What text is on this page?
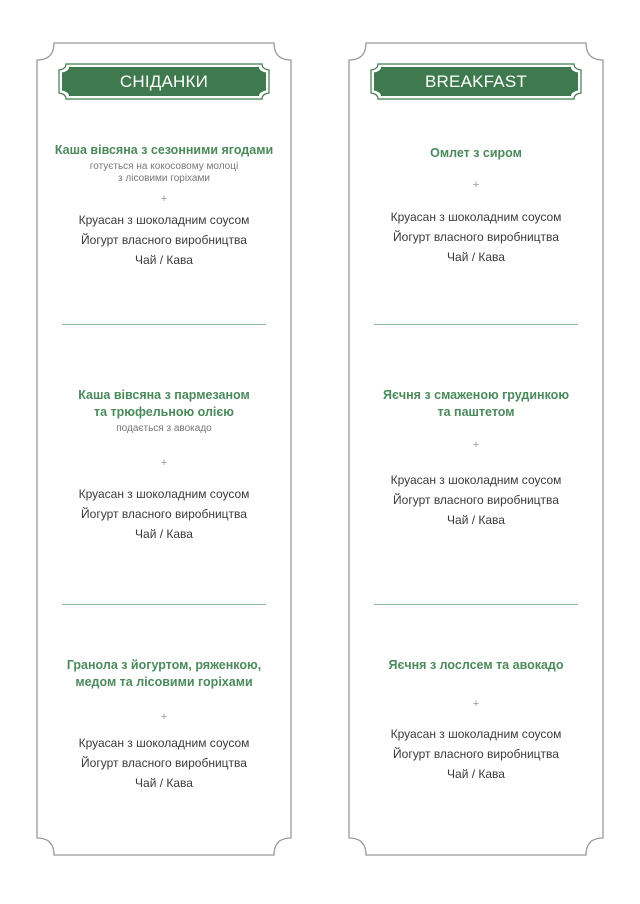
СНІДАНКИ

Каша вівсяна з сезонними ягодами

готується на кокосовому молоці
з лісовими горіхами

+
Круасан з шоколадним соусом
Йогурт власного виробництва
Чай / Кава

Каша вівсяна з пармезаном
та трюфельною олією

подається з авокадо

+
Круасан з шоколадним соусом
Йогурт власного виробництва
Чай / Кава

Гранола з йогуртом, ряженкою,
медом та лісовими горіхами

+
Круасан з шоколадним соусом
Йогурт власного виробництва
Чай / Кава
BREAKFAST

Омлет з сиром

+
Круасан з шоколадним соусом
Йогурт власного виробництва
Чай / Кава

Яєчня з смаженою грудинкою
та паштетом

+
Круасан з шоколадним соусом
Йогурт власного виробництва
Чай / Кава

Яєчня з лослсем та авокадо

+
Круасан з шоколадним соусом
Йогурт власного виробництва
Чай / Кава
